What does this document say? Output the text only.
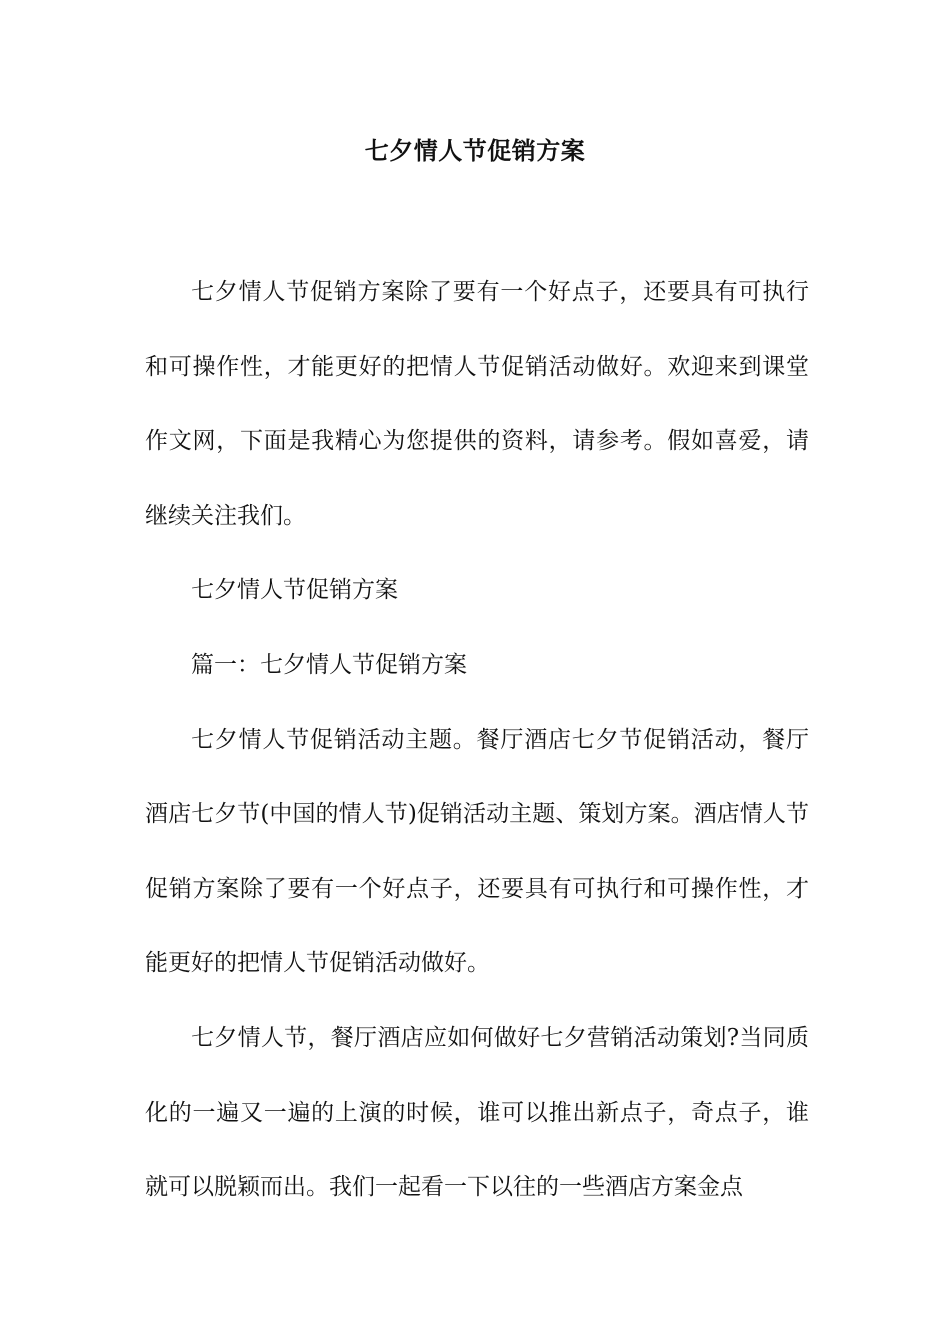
七夕情人节促销方案

七夕情人节促销方案除了要有一个好点子，还要具有可执行和可操作性，才能更好的把情人节促销活动做好。欢迎来到课堂作文网，下面是我精心为您提供的资料，请参考。假如喜爱，请继续关注我们。

七夕情人节促销方案

篇一：七夕情人节促销方案

七夕情人节促销活动主题。餐厅酒店七夕节促销活动，餐厅酒店七夕节(中国的情人节)促销活动主题、策划方案。酒店情人节促销方案除了要有一个好点子，还要具有可执行和可操作性，才能更好的把情人节促销活动做好。

七夕情人节，餐厅酒店应如何做好七夕营销活动策划?当同质化的一遍又一遍的上演的时候，谁可以推出新点子，奇点子，谁就可以脱颖而出。我们一起看一下以往的一些酒店方案金点
